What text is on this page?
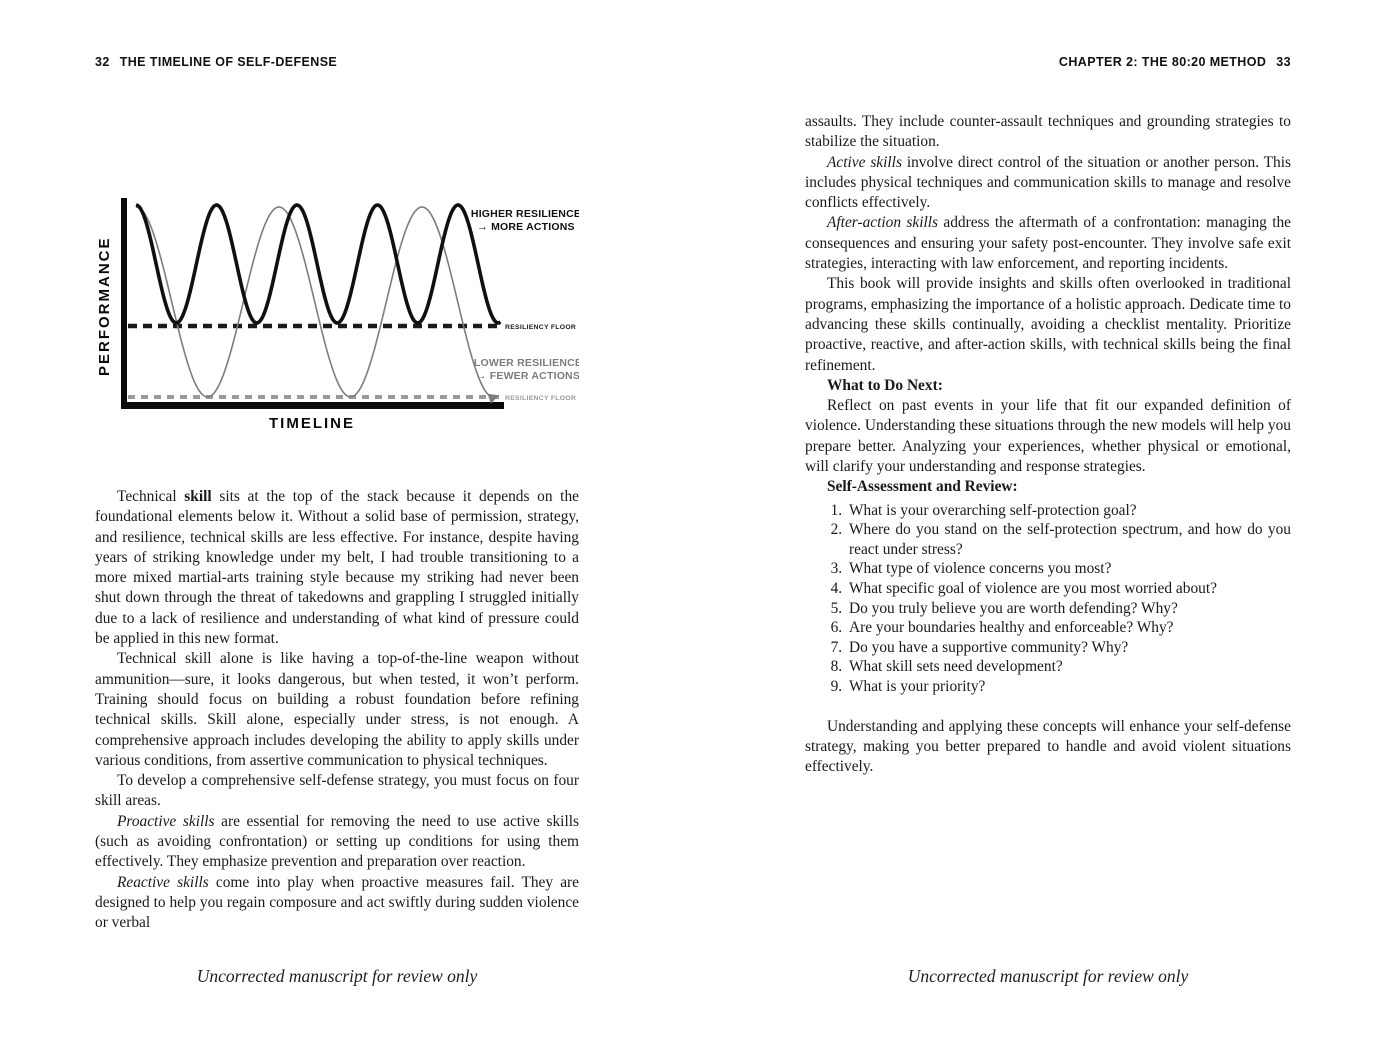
32 THE TIMELINE OF SELF-DEFENSE
PERFORMANCE
TIMELINE
HIGHER RESILIENCE
→ MORE ACTIONS
RESILIENCY FLOOR
LOWER RESILIENCE
→ FEWER ACTIONS
RESILIENCY FLOOR

Technical skill sits at the top of the stack because it depends on the foundational elements below it. Without a solid base of permission, strategy, and resilience, technical skills are less effective. For instance, despite having years of striking knowledge under my belt, I had trouble transitioning to a more mixed martial-arts training style because my striking had never been shut down through the threat of takedowns and grappling I struggled initially due to a lack of resilience and understanding of what kind of pressure could be applied in this new format.

Technical skill alone is like having a top-of-the-line weapon without ammunition—sure, it looks dangerous, but when tested, it won’t perform. Training should focus on building a robust foundation before refining technical skills. Skill alone, especially under stress, is not enough. A comprehensive approach includes developing the ability to apply skills under various conditions, from assertive communication to physical techniques.

To develop a comprehensive self-defense strategy, you must focus on four skill areas.

Proactive skills are essential for removing the need to use active skills (such as avoiding confrontation) or setting up conditions for using them effectively. They emphasize prevention and preparation over reaction.

Reactive skills come into play when proactive measures fail. They are designed to help you regain composure and act swiftly during sudden violence or verbal

Uncorrected manuscript for review only
CHAPTER 2: THE 80:20 METHOD 33

assaults. They include counter-assault techniques and grounding strategies to stabilize the situation.

Active skills involve direct control of the situation or another person. This includes physical techniques and communication skills to manage and resolve conflicts effectively.

After-action skills address the aftermath of a confrontation: managing the consequences and ensuring your safety post-encounter. They involve safe exit strategies, interacting with law enforcement, and reporting incidents.

This book will provide insights and skills often overlooked in traditional programs, emphasizing the importance of a holistic approach. Dedicate time to advancing these skills continually, avoiding a checklist mentality. Prioritize proactive, reactive, and after-action skills, with technical skills being the final refinement.

What to Do Next:

Reflect on past events in your life that fit our expanded definition of violence. Understanding these situations through the new models will help you prepare better. Analyzing your experiences, whether physical or emotional, will clarify your understanding and response strategies.

Self-Assessment and Review:

1. What is your overarching self-protection goal?
2. Where do you stand on the self-protection spectrum, and how do you react under stress?
3. What type of violence concerns you most?
4. What specific goal of violence are you most worried about?
5. Do you truly believe you are worth defending? Why?
6. Are your boundaries healthy and enforceable? Why?
7. Do you have a supportive community? Why?
8. What skill sets need development?
9. What is your priority?

Understanding and applying these concepts will enhance your self-defense strategy, making you better prepared to handle and avoid violent situations effectively.

Uncorrected manuscript for review only
